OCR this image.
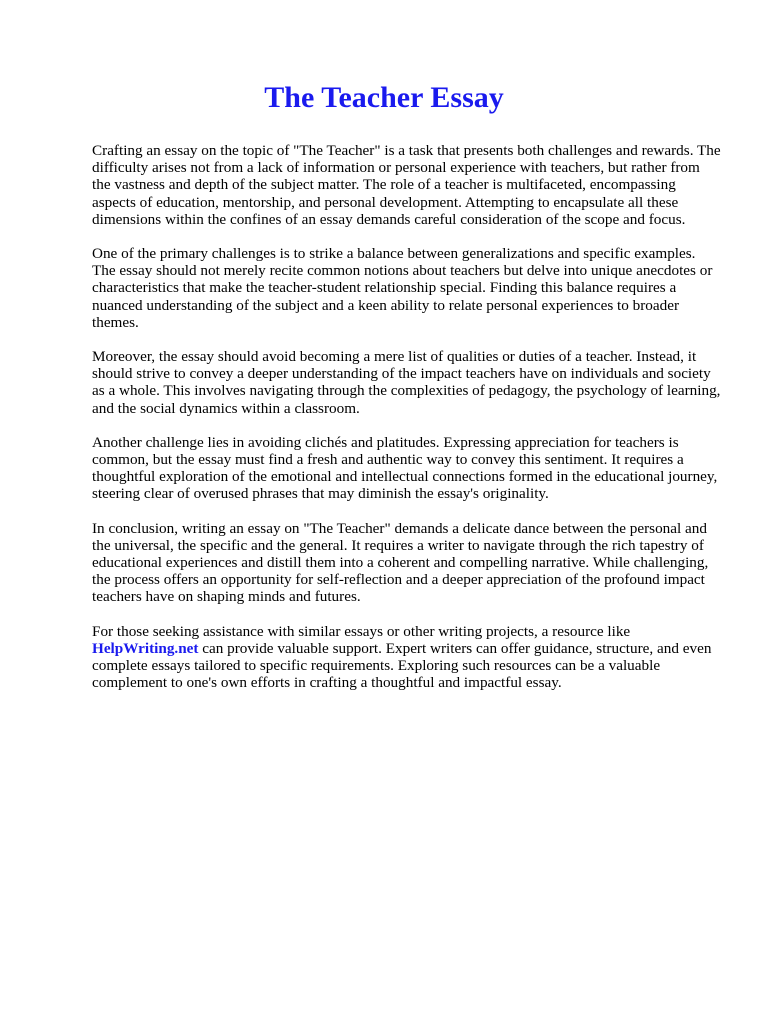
The Teacher Essay

Crafting an essay on the topic of "The Teacher" is a task that presents both challenges and rewards. The difficulty arises not from a lack of information or personal experience with teachers, but rather from the vastness and depth of the subject matter. The role of a teacher is multifaceted, encompassing aspects of education, mentorship, and personal development. Attempting to encapsulate all these dimensions within the confines of an essay demands careful consideration of the scope and focus.

One of the primary challenges is to strike a balance between generalizations and specific examples. The essay should not merely recite common notions about teachers but delve into unique anecdotes or characteristics that make the teacher-student relationship special. Finding this balance requires a nuanced understanding of the subject and a keen ability to relate personal experiences to broader themes.

Moreover, the essay should avoid becoming a mere list of qualities or duties of a teacher. Instead, it should strive to convey a deeper understanding of the impact teachers have on individuals and society as a whole. This involves navigating through the complexities of pedagogy, the psychology of learning, and the social dynamics within a classroom.

Another challenge lies in avoiding clichés and platitudes. Expressing appreciation for teachers is common, but the essay must find a fresh and authentic way to convey this sentiment. It requires a thoughtful exploration of the emotional and intellectual connections formed in the educational journey, steering clear of overused phrases that may diminish the essay's originality.

In conclusion, writing an essay on "The Teacher" demands a delicate dance between the personal and the universal, the specific and the general. It requires a writer to navigate through the rich tapestry of educational experiences and distill them into a coherent and compelling narrative. While challenging, the process offers an opportunity for self-reflection and a deeper appreciation of the profound impact teachers have on shaping minds and futures.

For those seeking assistance with similar essays or other writing projects, a resource like HelpWriting.net can provide valuable support. Expert writers can offer guidance, structure, and even complete essays tailored to specific requirements. Exploring such resources can be a valuable complement to one's own efforts in crafting a thoughtful and impactful essay.
